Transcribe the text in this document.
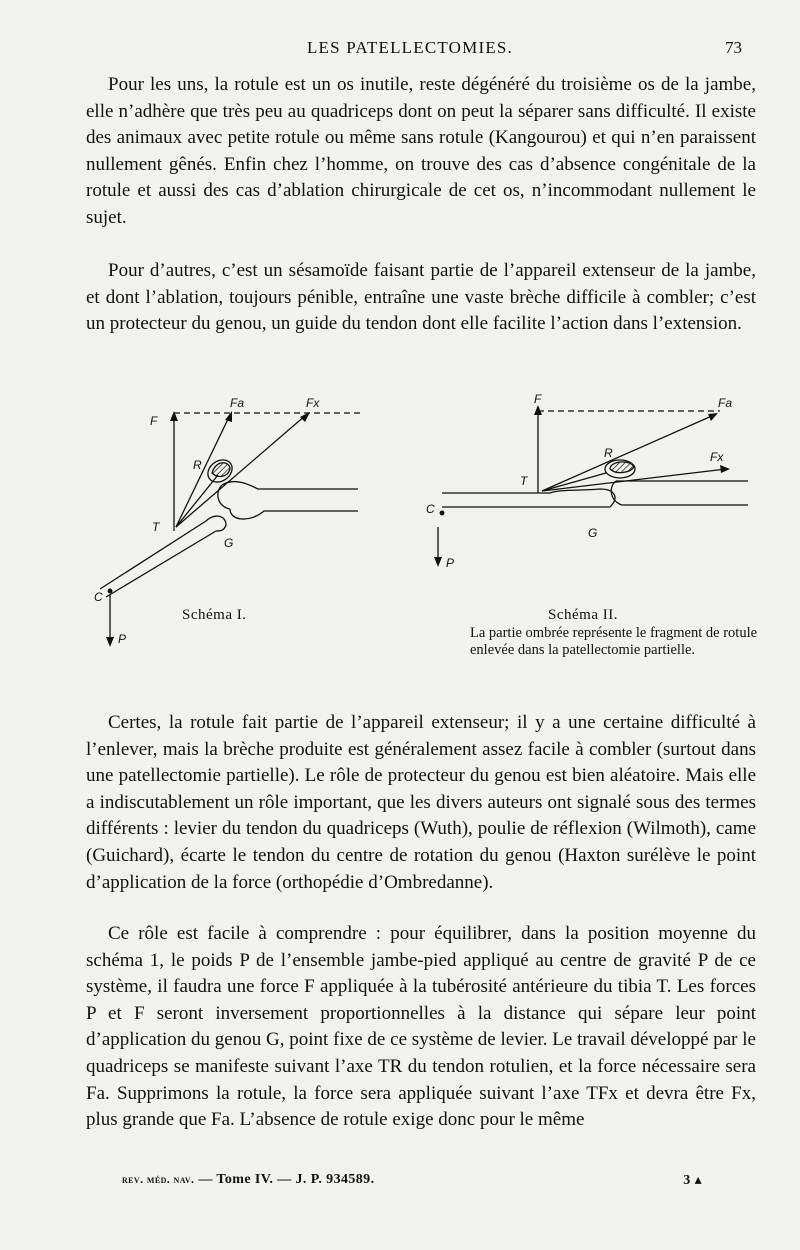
LES PATELLECTOMIES.	73

Pour les uns, la rotule est un os inutile, reste dégénéré du troisième os de la jambe, elle n’adhère que très peu au quadriceps dont on peut la séparer sans difficulté. Il existe des animaux avec petite rotule ou même sans rotule (Kangourou) et qui n’en paraissent nullement gênés. Enfin chez l’homme, on trouve des cas d’absence congénitale de la rotule et aussi des cas d’ablation chirurgicale de cet os, n’incommodant nullement le sujet.

Pour d’autres, c’est un sésamoïde faisant partie de l’appareil extenseur de la jambe, et dont l’ablation, toujours pénible, entraîne une vaste brèche difficile à combler; c’est un protecteur du genou, un guide du tendon dont elle facilite l’action dans l’extension.

F
Fa	Fx
R
T
G
C
P
F	Fa
Fx
R
T
G
C
P
Schéma I.	Schéma II.
La partie ombrée représente le fragment de rotule enlevée dans la patellectomie partielle.

Certes, la rotule fait partie de l’appareil extenseur; il y a une certaine difficulté à l’enlever, mais la brèche produite est généralement assez facile à combler (surtout dans une patellectomie partielle). Le rôle de protecteur du genou est bien aléatoire. Mais elle a indiscutablement un rôle important, que les divers auteurs ont signalé sous des termes différents : levier du tendon du quadriceps (Wuth), poulie de réflexion (Wilmoth), came (Guichard), écarte le tendon du centre de rotation du genou (Haxton surélève le point d’application de la force (orthopédie d’Ombredanne).

Ce rôle est facile à comprendre : pour équilibrer, dans la position moyenne du schéma 1, le poids P de l’ensemble jambe-pied appliqué au centre de gravité P de ce système, il faudra une force F appliquée à la tubérosité antérieure du tibia T. Les forces P et F seront inversement proportionnelles à la distance qui sépare leur point d’application du genou G, point fixe de ce système de levier. Le travail développé par le quadriceps se manifeste suivant l’axe TR du tendon rotulien, et la force nécessaire sera Fa. Supprimons la rotule, la force sera appliquée suivant l’axe TFx et devra être Fx, plus grande que Fa. L’absence de rotule exige donc pour le même

rev. méd. nav. — Tome IV. — J. P. 934589.	3 ▴
